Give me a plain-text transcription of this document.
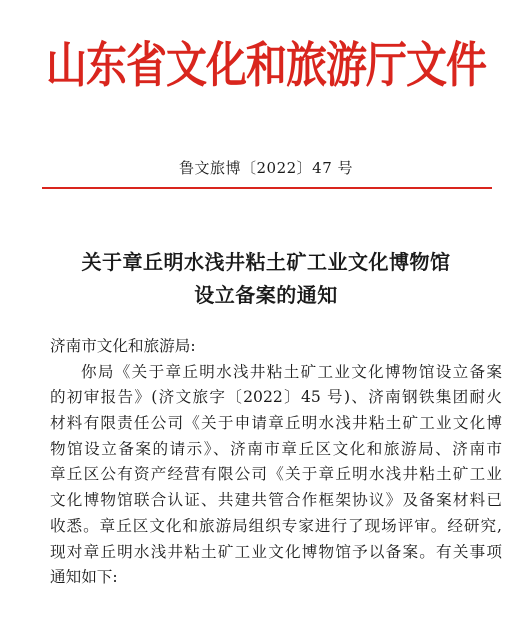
山东省文化和旅游厅文件
鲁文旅博〔2022〕47 号
关于章丘明水浅井粘土矿工业文化博物馆
设立备案的通知
济南市文化和旅游局:
你局《关于章丘明水浅井粘土矿工业文化博物馆设立备案
的初审报告》(济文旅字〔2022〕45 号)、济南钢铁集团耐火
材料有限责任公司《关于申请章丘明水浅井粘土矿工业文化博
物馆设立备案的请示》、济南市章丘区文化和旅游局、济南市
章丘区公有资产经营有限公司《关于章丘明水浅井粘土矿工业
文化博物馆联合认证、共建共管合作框架协议》及备案材料已
收悉。章丘区文化和旅游局组织专家进行了现场评审。经研究,
现对章丘明水浅井粘土矿工业文化博物馆予以备案。有关事项
通知如下:
